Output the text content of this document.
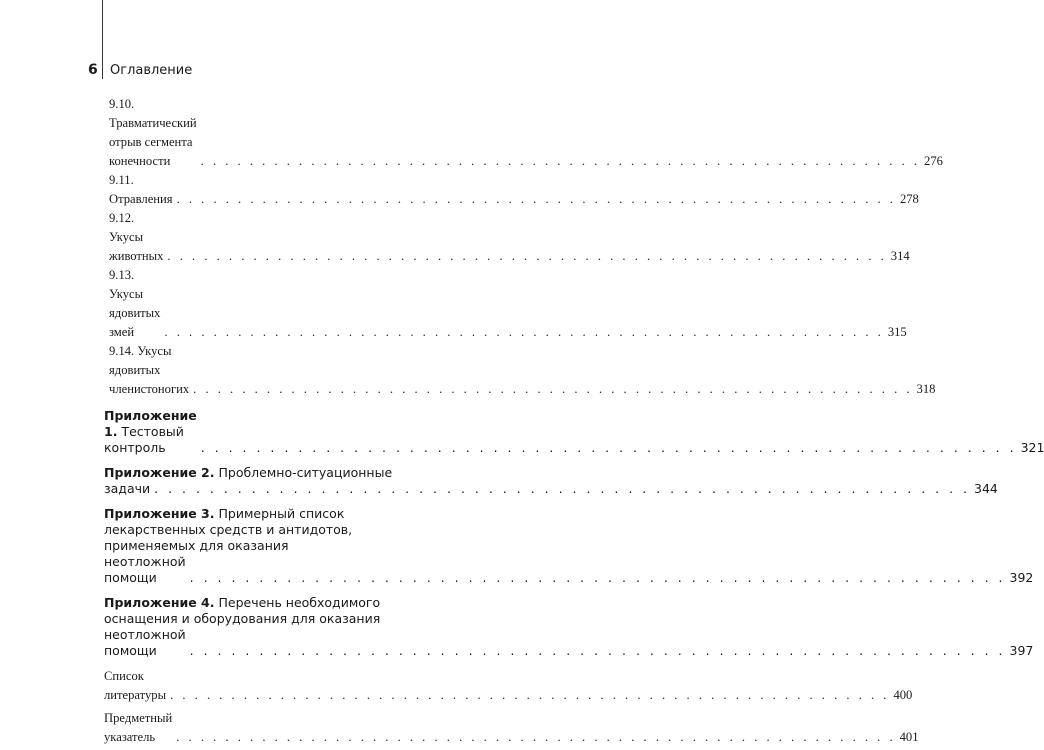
6 Оглавление
9.10. Травматический отрыв сегмента конечности	. . . . . . . . . . . . . . . . . . . . . . . . . . . . . . . . . . . . . . . . . . . . . . . . . . . . . . . . . . . 276
9.11. Отравления . . . . . . . . . . . . . . . . . . . . . . . . . . . . . . . . . . . . . . . . . . . . . . . . . . . . . . . . . . . 278
9.12. Укусы животных . . . . . . . . . . . . . . . . . . . . . . . . . . . . . . . . . . . . . . . . . . . . . . . . . . . . . . . . . . . 314
9.13. Укусы ядовитых змей	. . . . . . . . . . . . . . . . . . . . . . . . . . . . . . . . . . . . . . . . . . . . . . . . . . . . . . . . . . . 315
9.14. Укусы ядовитых членистоногих . . . . . . . . . . . . . . . . . . . . . . . . . . . . . . . . . . . . . . . . . . . . . . . . . . . . . . . . . . . 318
Приложение 1. Тестовый контроль	. . . . . . . . . . . . . . . . . . . . . . . . . . . . . . . . . . . . . . . . . . . . . . . . . . . . . . . . . . . 321
Приложение 2. Проблемно-ситуационные
задачи . . . . . . . . . . . . . . . . . . . . . . . . . . . . . . . . . . . . . . . . . . . . . . . . . . . . . . . . . . . 344
Приложение 3. Примерный список
лекарственных средств и антидотов,
применяемых для оказания
неотложной помощи	. . . . . . . . . . . . . . . . . . . . . . . . . . . . . . . . . . . . . . . . . . . . . . . . . . . . . . . . . . . 392
Приложение 4. Перечень необходимого
оснащения и оборудования для оказания
неотложной помощи	. . . . . . . . . . . . . . . . . . . . . . . . . . . . . . . . . . . . . . . . . . . . . . . . . . . . . . . . . . . 397
Список литературы . . . . . . . . . . . . . . . . . . . . . . . . . . . . . . . . . . . . . . . . . . . . . . . . . . . . . . . . . . . 400
Предметный указатель	. . . . . . . . . . . . . . . . . . . . . . . . . . . . . . . . . . . . . . . . . . . . . . . . . . . . . . . . . . . 401
